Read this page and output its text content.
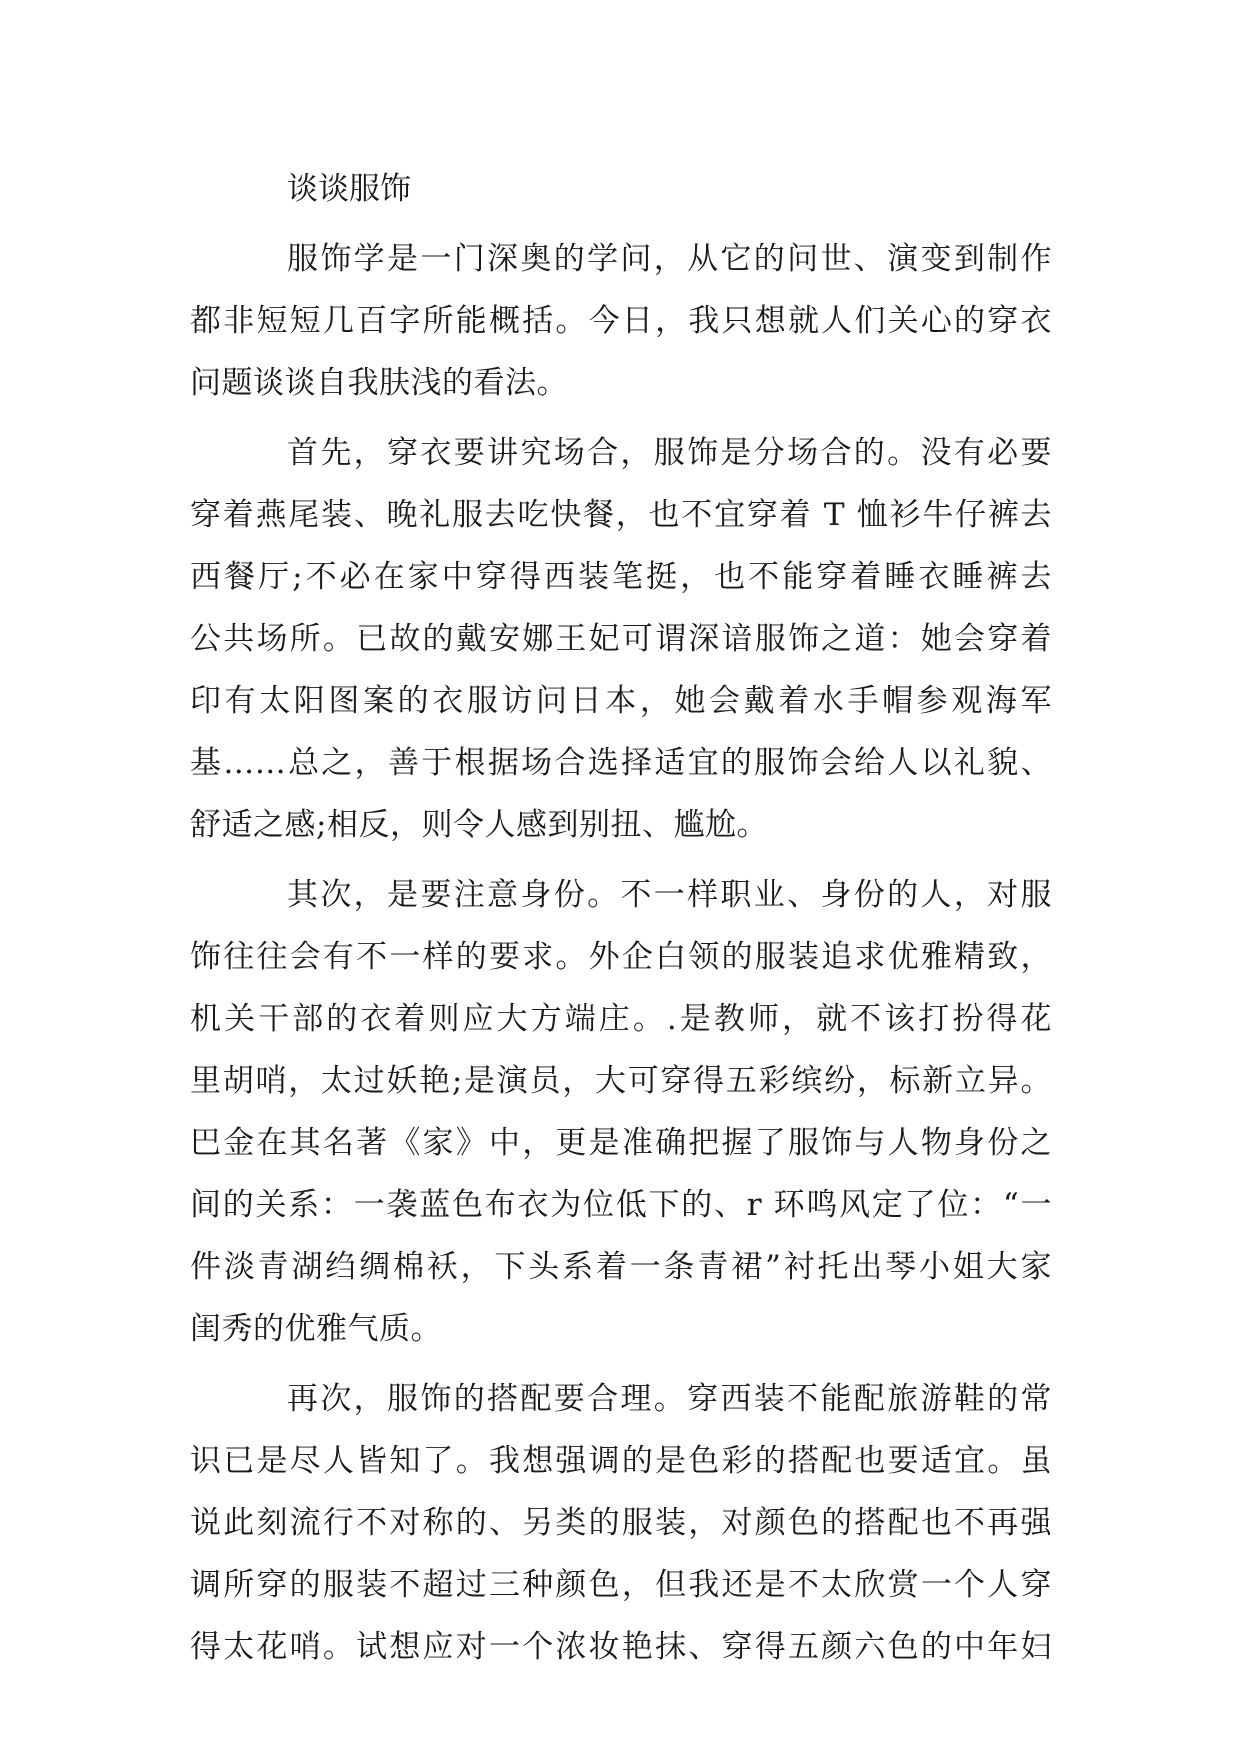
谈谈服饰
服饰学是一门深奥的学问，从它的问世、演变到制作
都非短短几百字所能概括。今日，我只想就人们关心的穿衣
问题谈谈自我肤浅的看法。
首先，穿衣要讲究场合，服饰是分场合的。没有必要
穿着燕尾装、晚礼服去吃快餐，也不宜穿着 T 恤衫牛仔裤去
西餐厅;不必在家中穿得西装笔挺，也不能穿着睡衣睡裤去
公共场所。已故的戴安娜王妃可谓深谙服饰之道：她会穿着
印有太阳图案的衣服访问日本，她会戴着水手帽参观海军
基……总之，善于根据场合选择适宜的服饰会给人以礼貌、
舒适之感;相反，则令人感到别扭、尴尬。
其次，是要注意身份。不一样职业、身份的人，对服
饰往往会有不一样的要求。外企白领的服装追求优雅精致，
机关干部的衣着则应大方端庄。.是教师，就不该打扮得花
里胡哨，太过妖艳;是演员，大可穿得五彩缤纷，标新立异。
巴金在其名著《家》中，更是准确把握了服饰与人物身份之
间的关系：一袭蓝色布衣为位低下的、r 环鸣风定了位：“一
件淡青湖绉绸棉袄，下头系着一条青裙”衬托出琴小姐大家
闺秀的优雅气质。
再次，服饰的搭配要合理。穿西装不能配旅游鞋的常
识已是尽人皆知了。我想强调的是色彩的搭配也要适宜。虽
说此刻流行不对称的、另类的服装，对颜色的搭配也不再强
调所穿的服装不超过三种颜色，但我还是不太欣赏一个人穿
得太花哨。试想应对一个浓妆艳抹、穿得五颜六色的中年妇
